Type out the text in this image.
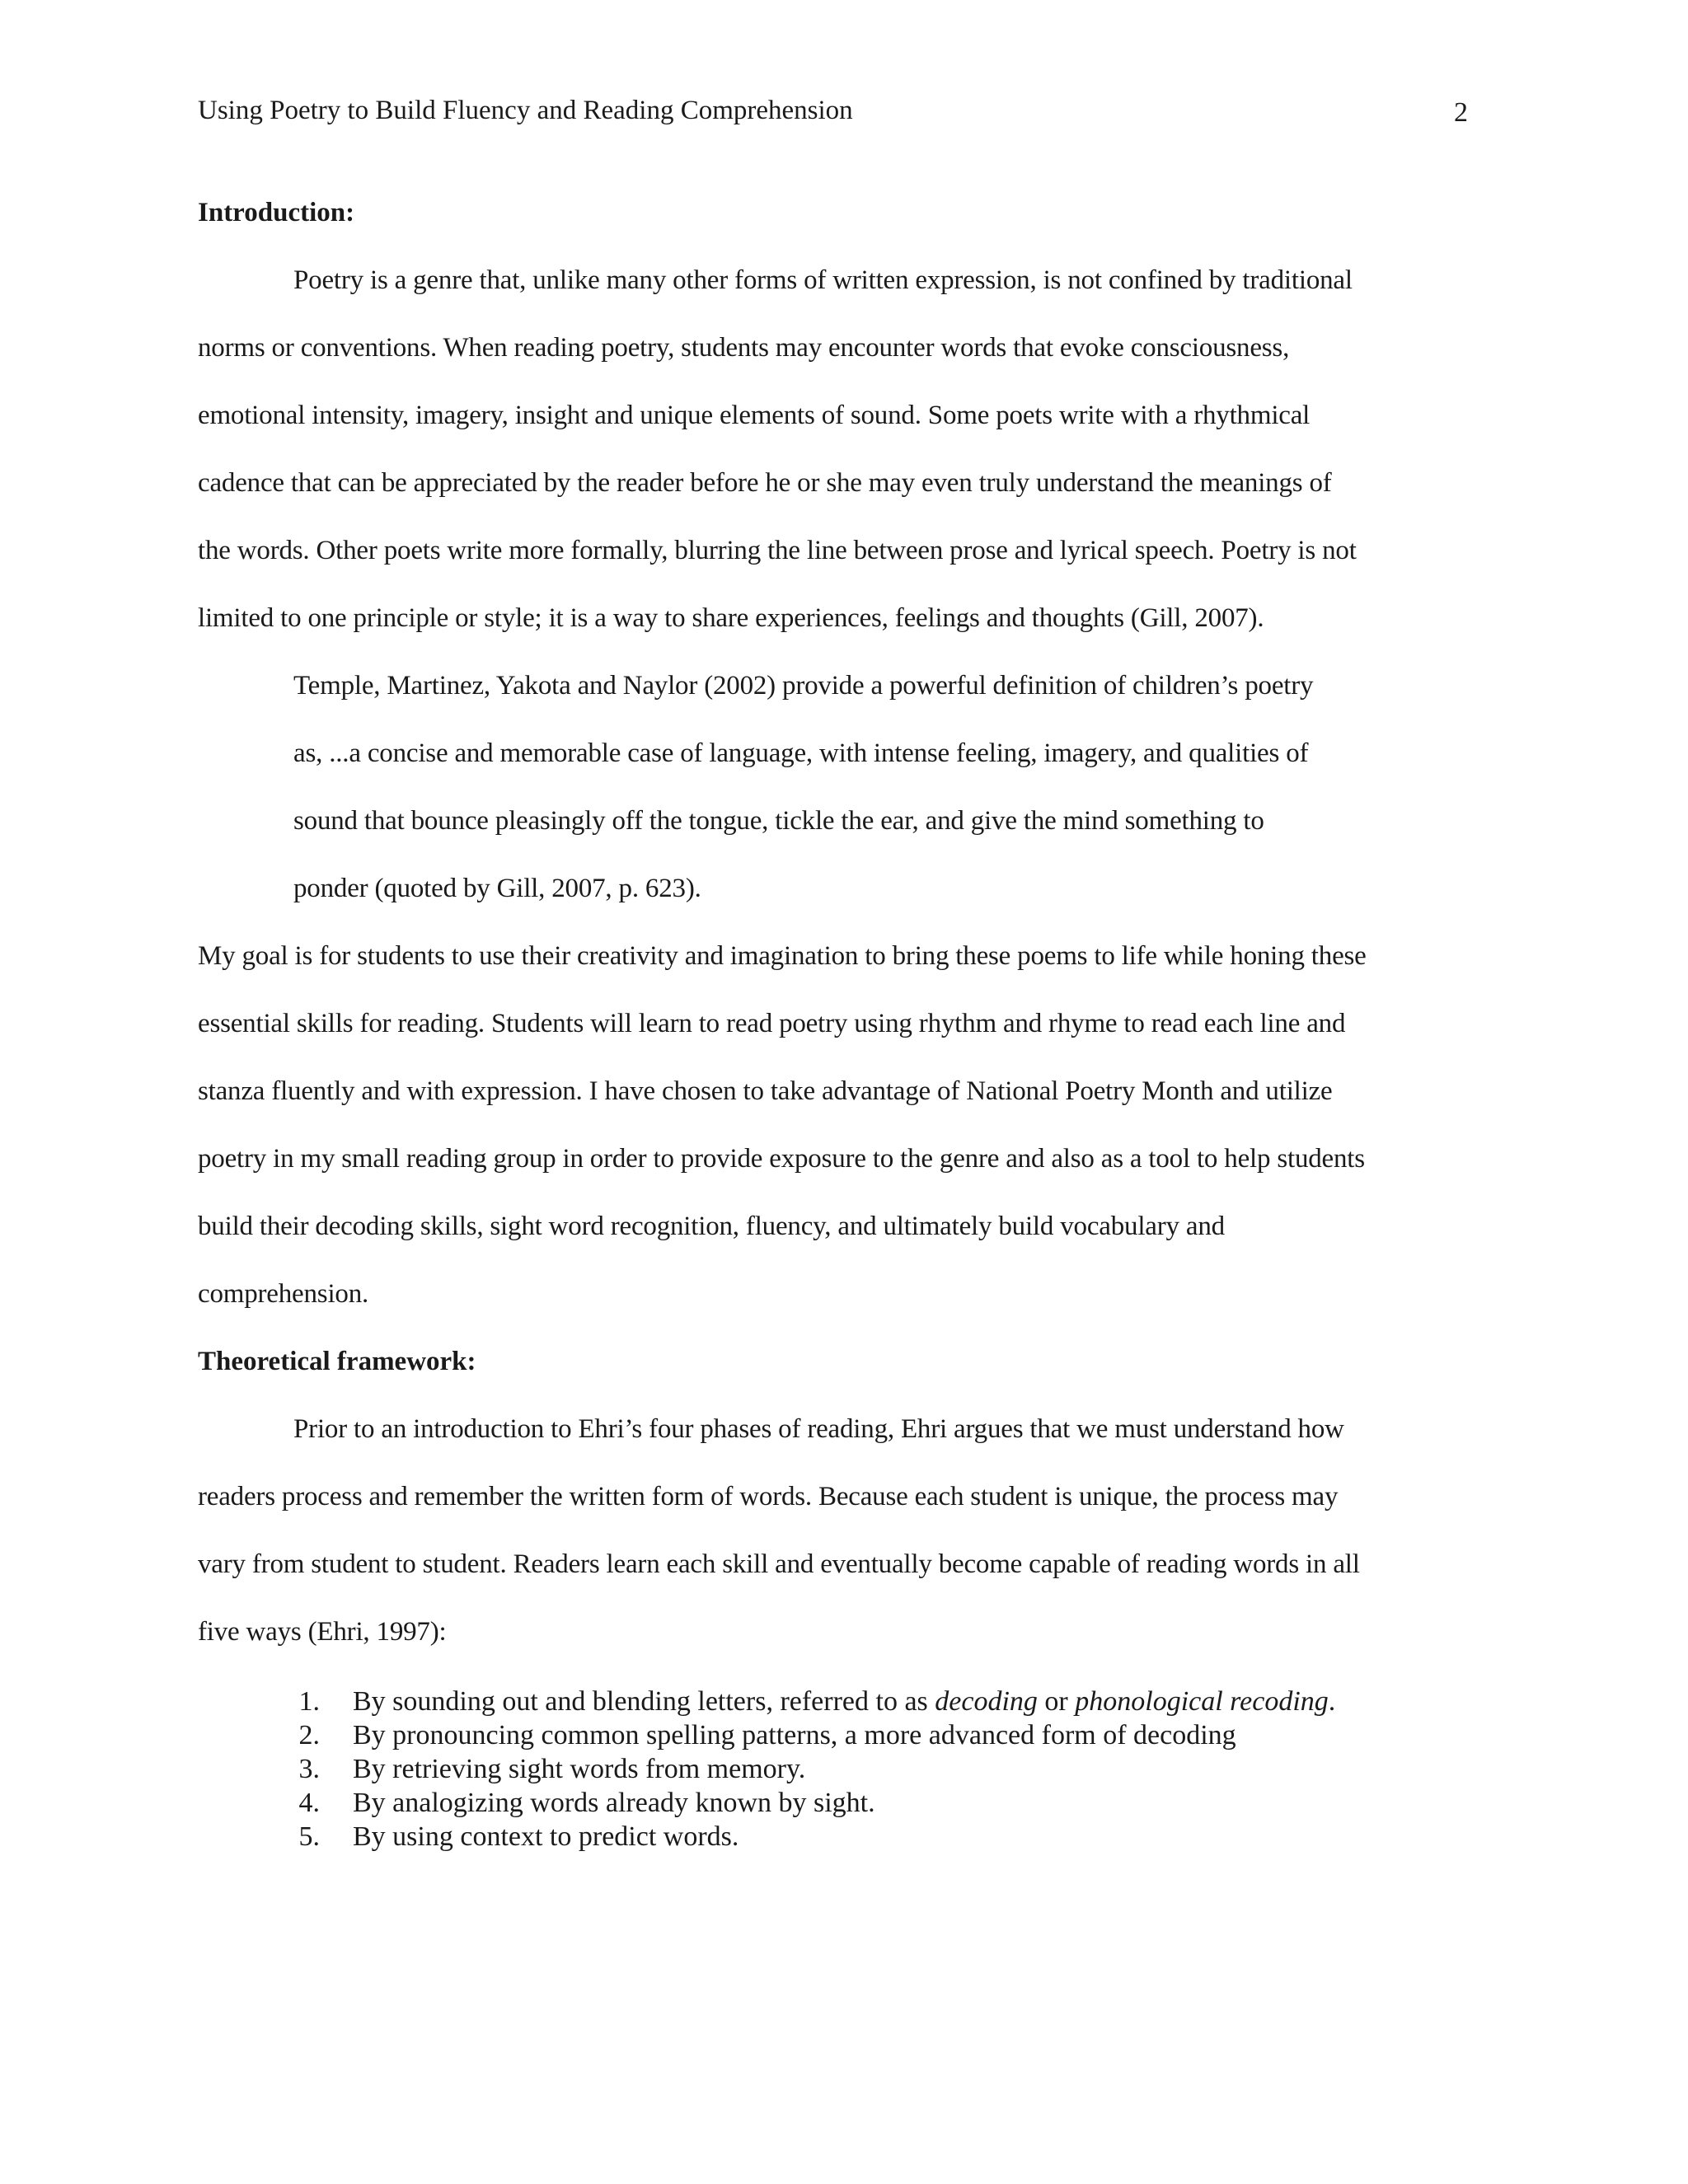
Using Poetry to Build Fluency and Reading Comprehension	2
Introduction:
Poetry is a genre that, unlike many other forms of written expression, is not confined by traditional
norms or conventions. When reading poetry, students may encounter words that evoke consciousness,
emotional intensity, imagery, insight and unique elements of sound. Some poets write with a rhythmical
cadence that can be appreciated by the reader before he or she may even truly understand the meanings of
the words. Other poets write more formally, blurring the line between prose and lyrical speech. Poetry is not
limited to one principle or style; it is a way to share experiences, feelings and thoughts (Gill, 2007).
Temple, Martinez, Yakota and Naylor (2002) provide a powerful definition of children’s poetry
as, ...a concise and memorable case of language, with intense feeling, imagery, and qualities of
sound that bounce pleasingly off the tongue, tickle the ear, and give the mind something to
ponder (quoted by Gill, 2007, p. 623).
My goal is for students to use their creativity and imagination to bring these poems to life while honing these
essential skills for reading. Students will learn to read poetry using rhythm and rhyme to read each line and
stanza fluently and with expression. I have chosen to take advantage of National Poetry Month and utilize
poetry in my small reading group in order to provide exposure to the genre and also as a tool to help students
build their decoding skills, sight word recognition, fluency, and ultimately build vocabulary and
comprehension.
Theoretical framework:
Prior to an introduction to Ehri’s four phases of reading, Ehri argues that we must understand how
readers process and remember the written form of words. Because each student is unique, the process may
vary from student to student. Readers learn each skill and eventually become capable of reading words in all
five ways (Ehri, 1997):
1. By sounding out and blending letters, referred to as decoding or phonological recoding.
2. By pronouncing common spelling patterns, a more advanced form of decoding
3. By retrieving sight words from memory.
4. By analogizing words already known by sight.
5. By using context to predict words.
